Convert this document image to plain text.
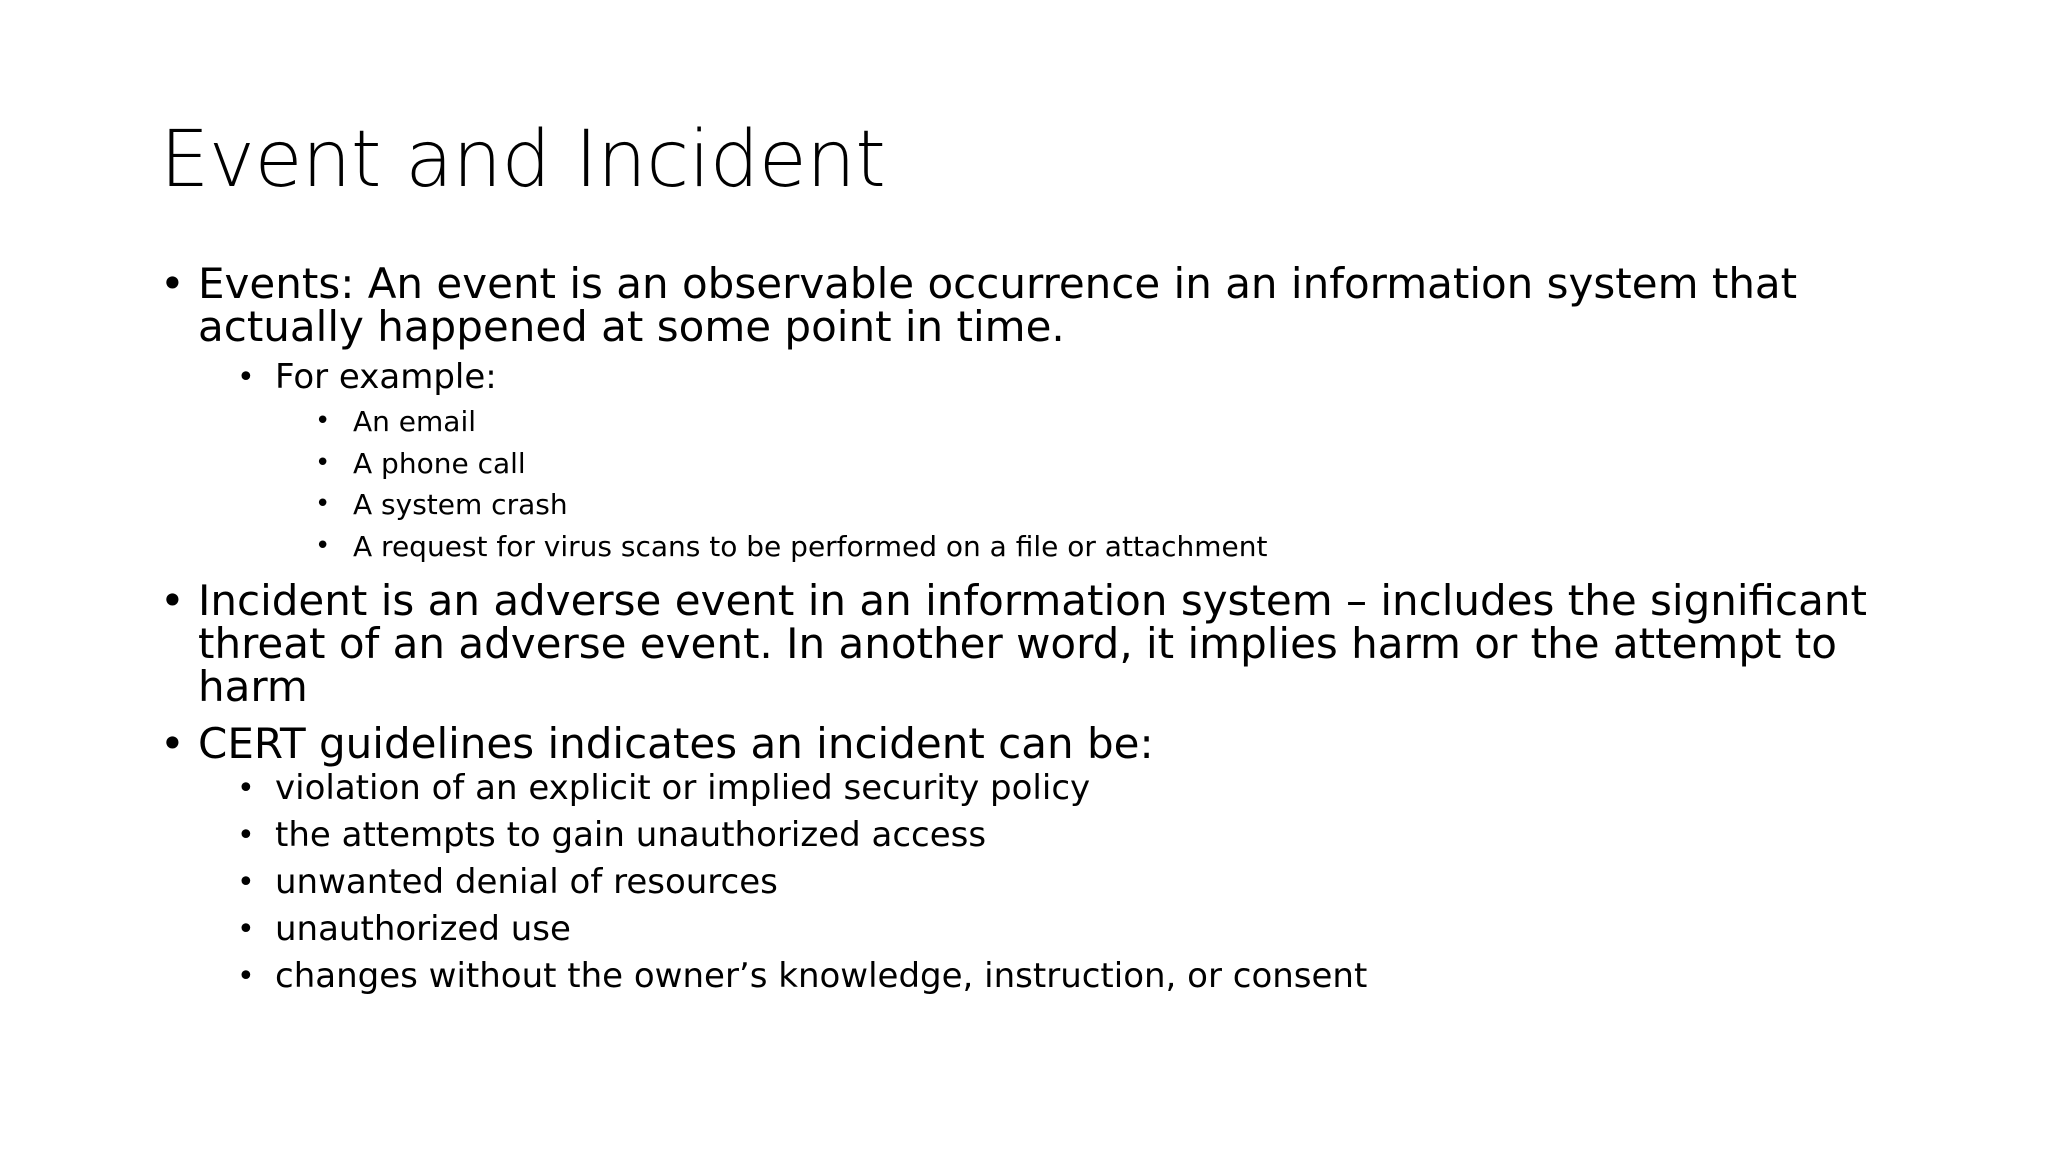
Event and Incident
• Events: An event is an observable occurrence in an information system that actually happened at some point in time.
• For example:
• An email
• A phone call
• A system crash
• A request for virus scans to be performed on a file or attachment
• Incident is an adverse event in an information system – includes the significant threat of an adverse event. In another word, it implies harm or the attempt to harm
• CERT guidelines indicates an incident can be:
• violation of an explicit or implied security policy
• the attempts to gain unauthorized access
• unwanted denial of resources
• unauthorized use
• changes without the owner’s knowledge, instruction, or consent
